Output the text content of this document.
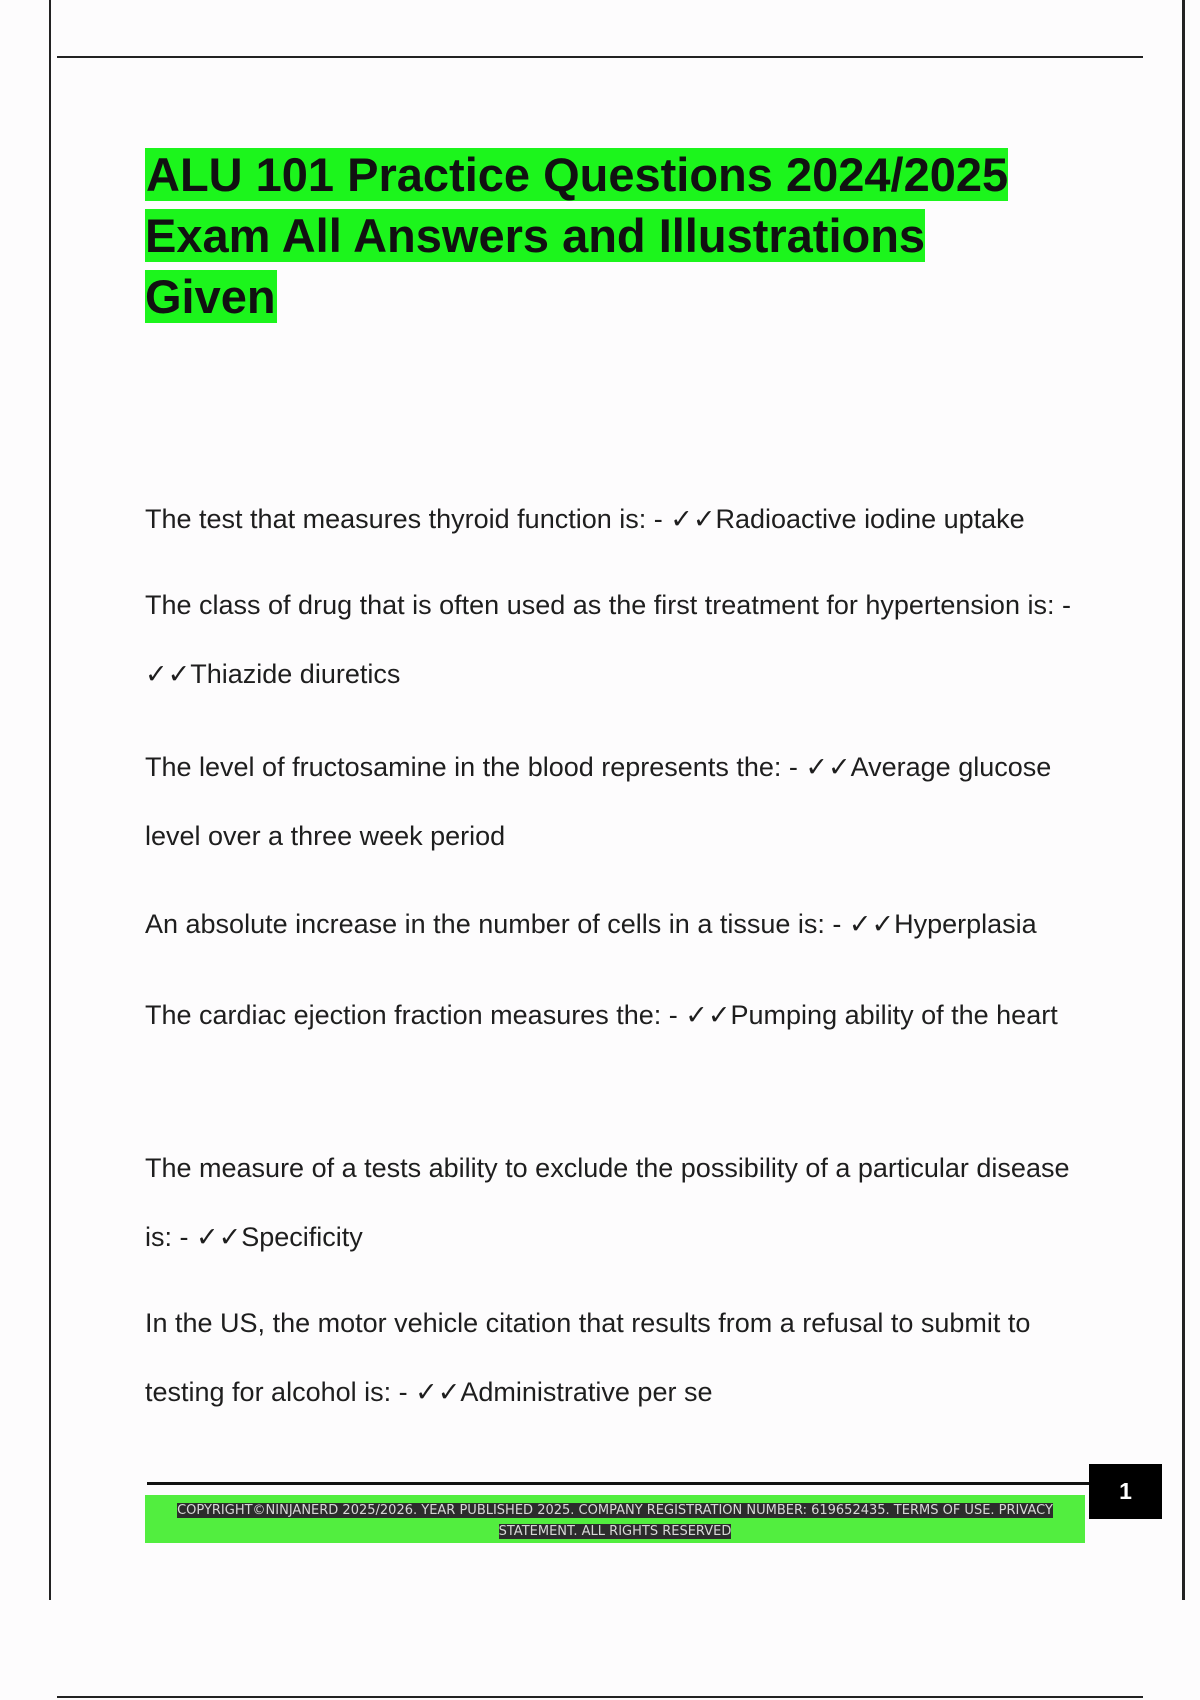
ALU 101 Practice Questions 2024/2025 Exam All Answers and Illustrations Given

The test that measures thyroid function is: - ✓✓Radioactive iodine uptake

The class of drug that is often used as the first treatment for hypertension is: - ✓✓Thiazide diuretics

The level of fructosamine in the blood represents the: - ✓✓Average glucose level over a three week period

An absolute increase in the number of cells in a tissue is: - ✓✓Hyperplasia

The cardiac ejection fraction measures the: - ✓✓Pumping ability of the heart

The measure of a tests ability to exclude the possibility of a particular disease is: - ✓✓Specificity

In the US, the motor vehicle citation that results from a refusal to submit to testing for alcohol is: - ✓✓Administrative per se

COPYRIGHT©NINJANERD 2025/2026. YEAR PUBLISHED 2025. COMPANY REGISTRATION NUMBER: 619652435. TERMS OF USE. PRIVACY STATEMENT. ALL RIGHTS RESERVED

1
